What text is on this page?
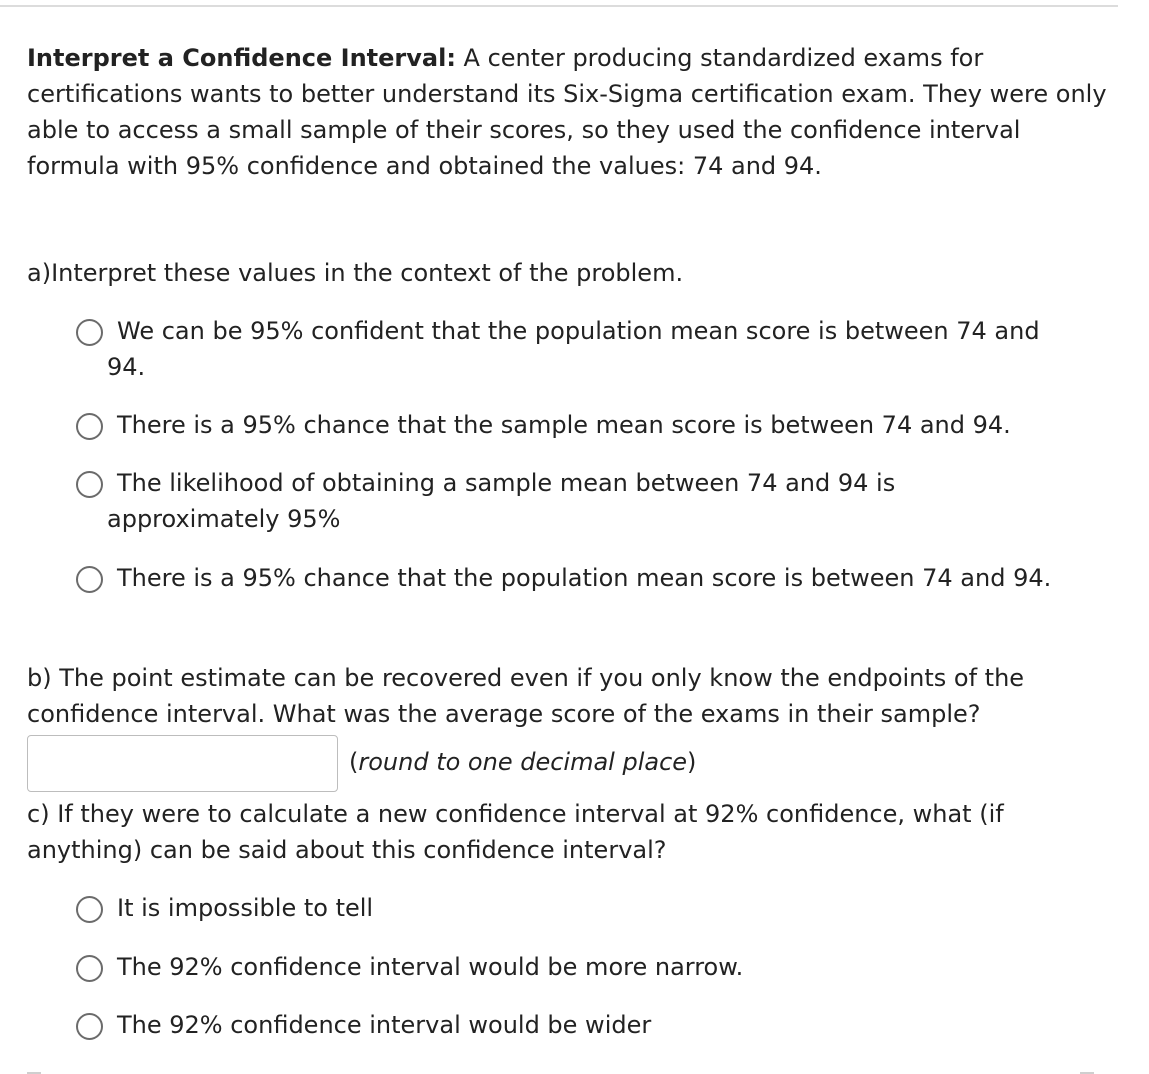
Interpret a Confidence Interval: A center producing standardized exams for certifications wants to better understand its Six-Sigma certification exam. They were only able to access a small sample of their scores, so they used the confidence interval formula with 95% confidence and obtained the values: 74 and 94.
a)Interpret these values in the context of the problem.
We can be 95% confident that the population mean score is between 74 and
94.
There is a 95% chance that the sample mean score is between 74 and 94.
The likelihood of obtaining a sample mean between 74 and 94 is
approximately 95%
There is a 95% chance that the population mean score is between 74 and 94.
b) The point estimate can be recovered even if you only know the endpoints of the confidence interval. What was the average score of the exams in their sample?
(round to one decimal place)
c) If they were to calculate a new confidence interval at 92% confidence, what (if anything) can be said about this confidence interval?
It is impossible to tell
The 92% confidence interval would be more narrow.
The 92% confidence interval would be wider
